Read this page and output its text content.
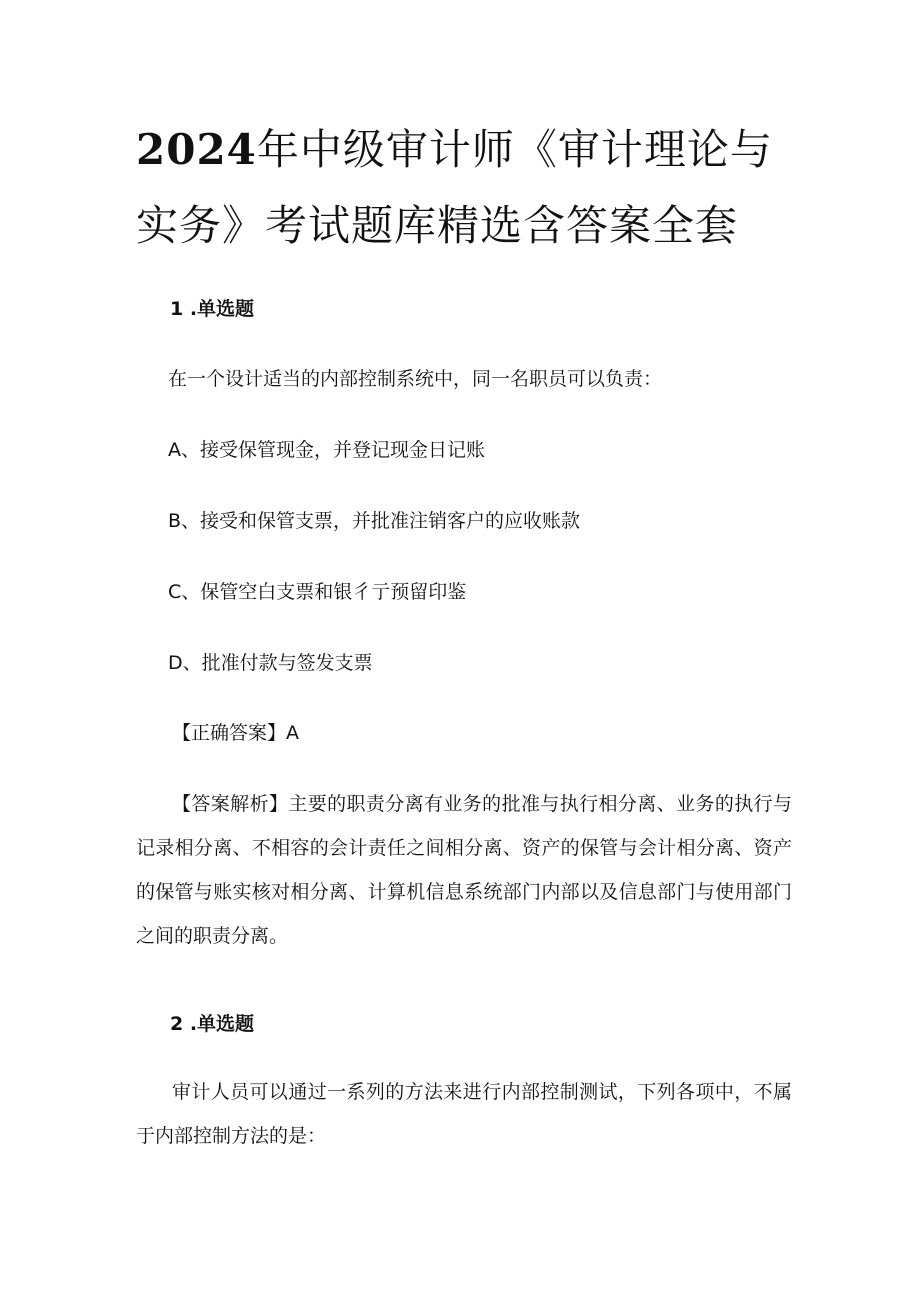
2024年中级审计师《审计理论与实务》考试题库精选含答案全套
1 .单选题
在一个设计适当的内部控制系统中，同一名职员可以负责：
A、接受保管现金，并登记现金日记账
B、接受和保管支票，并批准注销客户的应收账款
C、保管空白支票和银彳亍预留印鉴
D、批准付款与签发支票
【正确答案】A

【答案解析】主要的职责分离有业务的批准与执行相分离、业务的执行与记录相分离、不相容的会计责任之间相分离、资产的保管与会计相分离、资产的保管与账实核对相分离、计算机信息系统部门内部以及信息部门与使用部门之间的职责分离。

2 .单选题

审计人员可以通过一系列的方法来进行内部控制测试，下列各项中，不属于内部控制方法的是：
